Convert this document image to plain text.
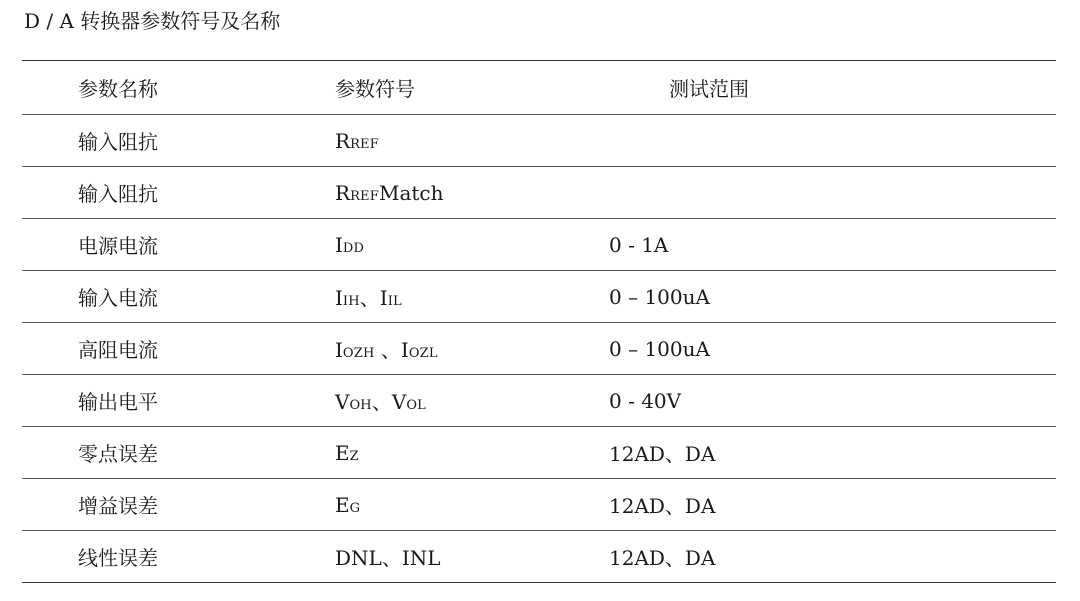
D / A 转换器参数符号及名称
参数名称	参数符号	测试范围
输入阻抗	RREF	
输入阻抗	RREFMatch	
电源电流	IDD	0 - 1A
输入电流	IIH、IIL	0 – 100uA
高阻电流	IOZH 、IOZL	0 – 100uA
输出电平	VOH、VOL	0 - 40V
零点误差	EZ	12AD、DA
增益误差	EG	12AD、DA
线性误差	DNL、INL	12AD、DA
